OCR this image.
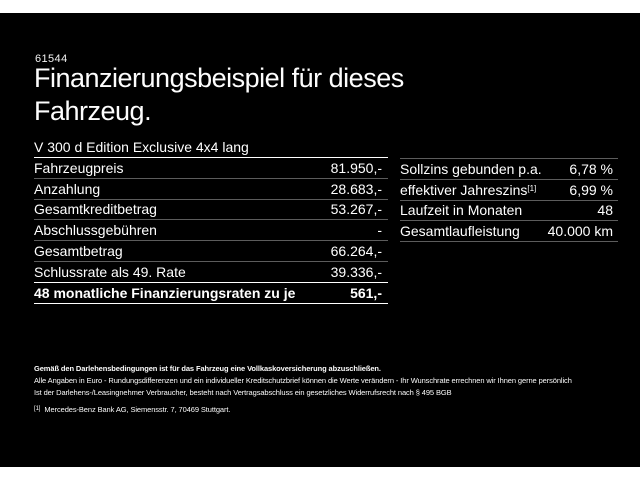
61544
Finanzierungsbeispiel für dieses
Fahrzeug.
V 300 d Edition Exclusive 4x4 lang
Fahrzeugpreis	81.950,-
Anzahlung	28.683,-
Gesamtkreditbetrag	53.267,-
Abschlussgebühren	-
Gesamtbetrag	66.264,-
Schlussrate als 49. Rate	39.336,-
48 monatliche Finanzierungsraten zu je	561,-
Sollzins gebunden p.a. 6,78 %
effektiver Jahreszins[1] 6,99 %
Laufzeit in Monaten	48
Gesamtlaufleistung 40.000 km
Gemäß den Darlehensbedingungen ist für das Fahrzeug eine Vollkaskoversicherung abzuschließen.
Alle Angaben in Euro - Rundungsdifferenzen und ein individueller Kreditschutzbrief können die Werte verändern - Ihr Wunschrate errechnen wir Ihnen gerne persönlich
Ist der Darlehens-/Leasingnehmer Verbraucher, besteht nach Vertragsabschluss ein gesetzliches Widerrufsrecht nach § 495 BGB
[1] Mercedes-Benz Bank AG, Siemensstr. 7, 70469 Stuttgart.
